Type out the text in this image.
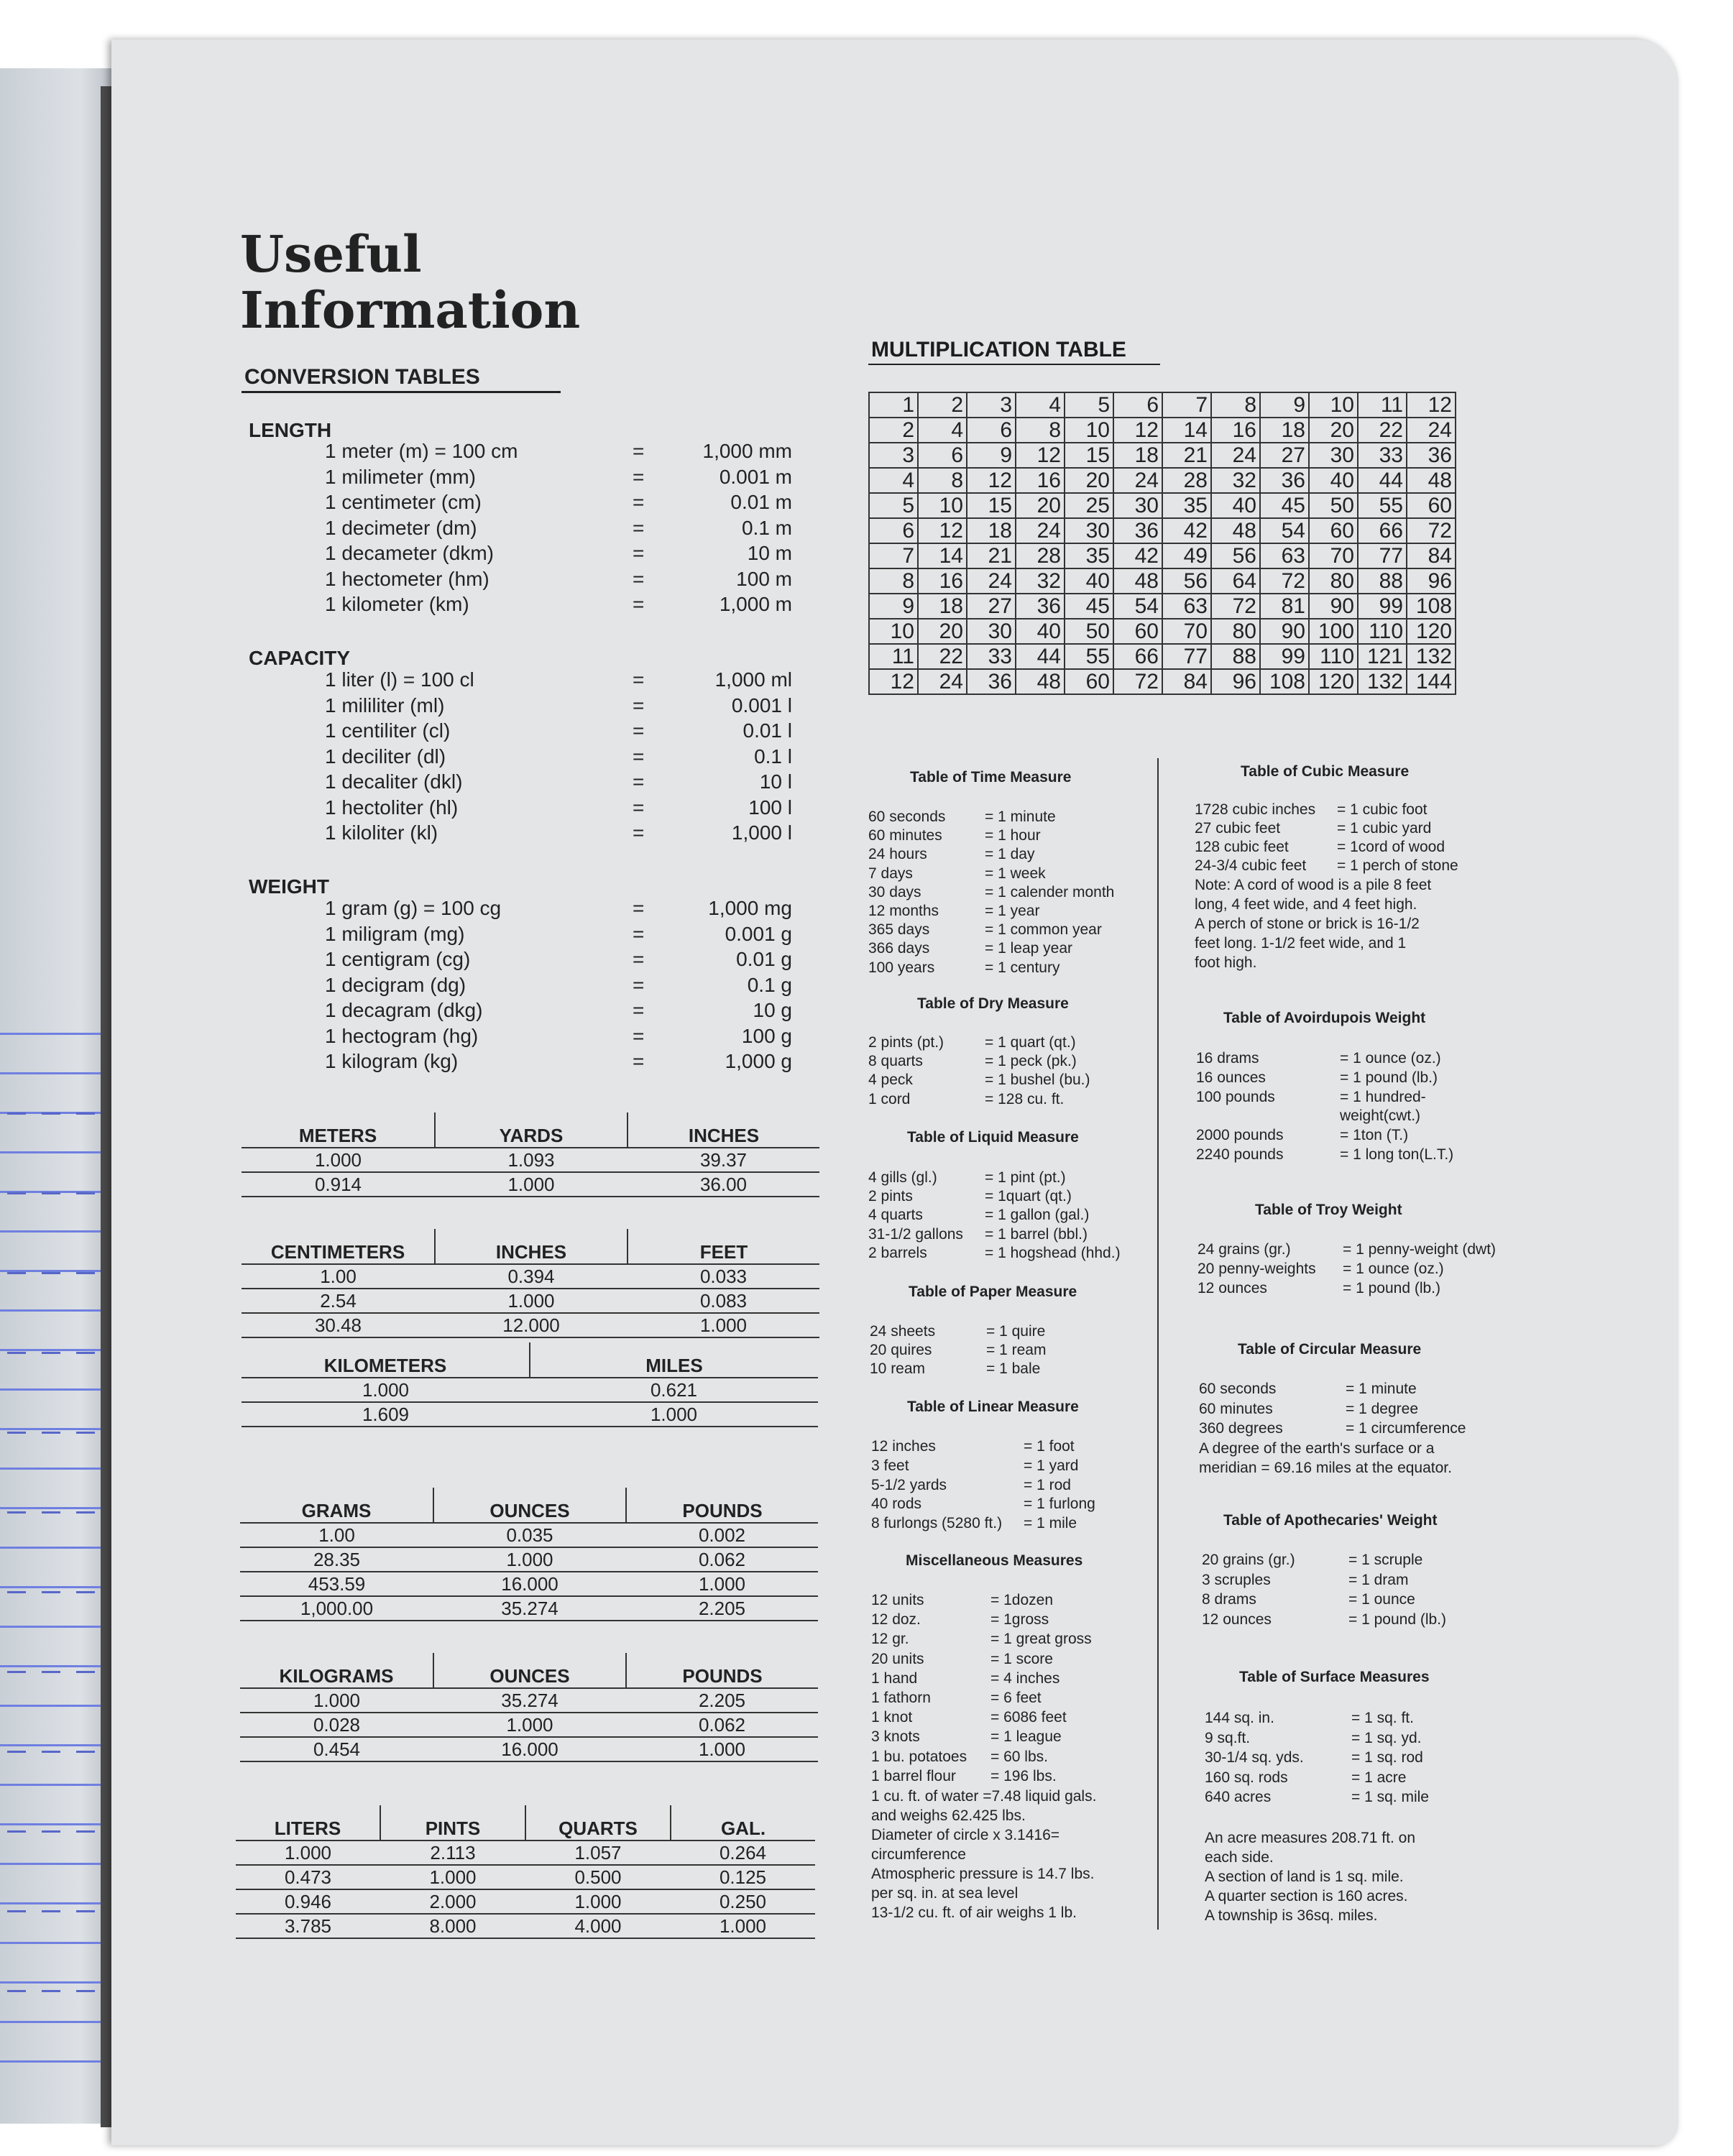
Useful
Information
CONVERSION TABLES
LENGTH
1 meter (m) = 100 cm	=	1,000 mm
1 milimeter (mm)	=	0.001 m
1 centimeter (cm)	=	0.01 m
1 decimeter (dm)	=	0.1 m
1 decameter (dkm)	=	10 m
1 hectometer (hm)	=	100 m
1 kilometer (km)	=	1,000 m
CAPACITY
1 liter (l) = 100 cl	=	1,000 ml
1 mililiter (ml)	=	0.001 l
1 centiliter (cl)	=	0.01 l
1 deciliter (dl)	=	0.1 l
1 decaliter (dkl)	=	10 l
1 hectoliter (hl)	=	100 l
1 kiloliter (kl)	=	1,000 l
WEIGHT
1 gram (g) = 100 cg	=	1,000 mg
1 miligram (mg)	=	0.001 g
1 centigram (cg)	=	0.01 g
1 decigram (dg)	=	0.1 g
1 decagram (dkg)	=	10 g
1 hectogram (hg)	=	100 g
1 kilogram (kg)	=	1,000 g
METERS	YARDS	INCHES
1.000	1.093	39.37
0.914	1.000	36.00
CENTIMETERS	INCHES	FEET
1.00	0.394	0.033
2.54	1.000	0.083
30.48	12.000	1.000
KILOMETERS	MILES
1.000	0.621
1.609	1.000
GRAMS	OUNCES	POUNDS
1.00	0.035	0.002
28.35	1.000	0.062
453.59	16.000	1.000
1,000.00	35.274	2.205
KILOGRAMS	OUNCES	POUNDS
1.000	35.274	2.205
0.028	1.000	0.062
0.454	16.000	1.000
LITERS	PINTS	QUARTS	GAL.
1.000	2.113	1.057	0.264
0.473	1.000	0.500	0.125
0.946	2.000	1.000	0.250
3.785	8.000	4.000	1.000
MULTIPLICATION TABLE
1	2	3	4	5	6	7	8	9	10	11	12
2	4	6	8	10	12	14	16	18	20	22	24
3	6	9	12	15	18	21	24	27	30	33	36
4	8	12	16	20	24	28	32	36	40	44	48
5	10	15	20	25	30	35	40	45	50	55	60
6	12	18	24	30	36	42	48	54	60	66	72
7	14	21	28	35	42	49	56	63	70	77	84
8	16	24	32	40	48	56	64	72	80	88	96
9	18	27	36	45	54	63	72	81	90	99	108
10	20	30	40	50	60	70	80	90	100	110	120
11	22	33	44	55	66	77	88	99	110	121	132
12	24	36	48	60	72	84	96	108	120	132	144
Table of Time Measure
60 seconds	= 1 minute
60 minutes	= 1 hour
24 hours	= 1 day
7 days	= 1 week
30 days	= 1 calender month
12 months	= 1 year
365 days	= 1 common year
366 days	= 1 leap year
100 years	= 1 century
Table of Dry Measure
2 pints (pt.)	= 1 quart (qt.)
8 quarts	= 1 peck (pk.)
4 peck	= 1 bushel (bu.)
1 cord	= 128 cu. ft.
Table of Liquid Measure
4 gills (gl.)	= 1 pint (pt.)
2 pints	= 1quart (qt.)
4 quarts	= 1 gallon (gal.)
31-1/2 gallons = 1 barrel (bbl.)
2 barrels	= 1 hogshead (hhd.)
Table of Paper Measure
24 sheets	= 1 quire
20 quires	= 1 ream
10 ream	= 1 bale
Table of Linear Measure
12 inches	= 1 foot
3 feet	= 1 yard
5-1/2 yards	= 1 rod
40 rods	= 1 furlong
8 furlongs (5280 ft.) = 1 mile
Miscellaneous Measures
12 units	= 1dozen
12 doz.	= 1gross
12 gr.	= 1 great gross
20 units	= 1 score
1 hand	= 4 inches
1 fathorn	= 6 feet
1 knot	= 6086 feet
3 knots	= 1 league
1 bu. potatoes = 60 lbs.
1 barrel flour = 196 lbs.
1 cu. ft. of water =7.48 liquid gals.
and weighs 62.425 lbs.
Diameter of circle x 3.1416=
circumference
Atmospheric pressure is 14.7 lbs.
per sq. in. at sea level
13-1/2 cu. ft. of air weighs 1 lb.
Table of Cubic Measure
1728 cubic inches = 1 cubic foot
27 cubic feet	= 1 cubic yard
128 cubic feet	= 1cord of wood
24-3/4 cubic feet = 1 perch of stone
Note: A cord of wood is a pile 8 feet
long, 4 feet wide, and 4 feet high.
A perch of stone or brick is 16-1/2
feet long. 1-1/2 feet wide, and 1
foot high.
Table of Avoirdupois Weight
16 drams	= 1 ounce (oz.)
16 ounces	= 1 pound (lb.)
100 pounds	= 1 hundred-
weight(cwt.)
2000 pounds	= 1ton (T.)
2240 pounds	= 1 long ton(L.T.)
Table of Troy Weight
24 grains (gr.)	= 1 penny-weight (dwt)
20 penny-weights = 1 ounce (oz.)
12 ounces	= 1 pound (lb.)
Table of Circular Measure
60 seconds	= 1 minute
60 minutes	= 1 degree
360 degrees	= 1 circumference
A degree of the earth's surface or a
meridian = 69.16 miles at the equator.
Table of Apothecaries' Weight
20 grains (gr.)	= 1 scruple
3 scruples	= 1 dram
8 drams	= 1 ounce
12 ounces	= 1 pound (lb.)
Table of Surface Measures
144 sq. in.	= 1 sq. ft.
9 sq.ft.	= 1 sq. yd.
30-1/4 sq. yds.	= 1 sq. rod
160 sq. rods	= 1 acre
640 acres	= 1 sq. mile
An acre measures 208.71 ft. on
each side.
A section of land is 1 sq. mile.
A quarter section is 160 acres.
A township is 36sq. miles.
